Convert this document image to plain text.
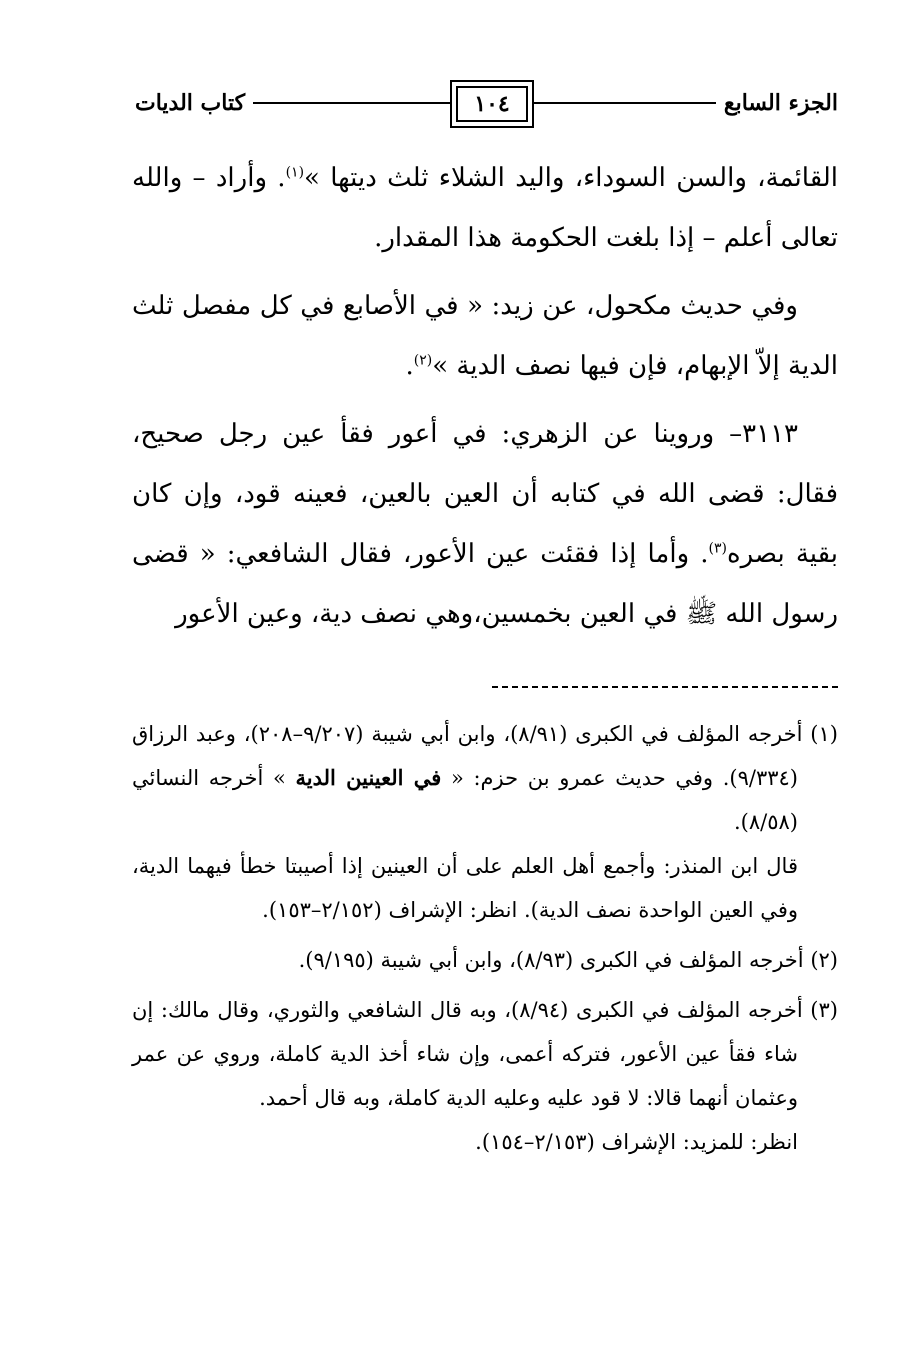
الجزء السابع
١٠٤
كتاب الديات

القائمة، والسن السوداء، واليد الشلاء ثلث ديتها »$^{(١)}$. وأراد – والله تعالى أعلم – إذا بلغت الحكومة هذا المقدار.

وفي حديث مكحول، عن زيد: « في الأصابع في كل مفصل ثلث الدية إلاّ الإبهام، فإن فيها نصف الدية »$^{(٢)}$.

٣١١٣– وروينا عن الزهري: في أعور فقأ عين رجل صحيح، فقال: قضى الله في كتابه أن العين بالعين، فعينه قود، وإن كان بقية بصره$^{(٣)}$. وأما إذا فقئت عين الأعور، فقال الشافعي: « قضى رسول الله ﷺ في العين بخمسين،وهي نصف دية، وعين الأعور

(١) أخرجه المؤلف في الكبرى (٨/٩١)، وابن أبي شيبة (٩/٢٠٧–٢٠٨)، وعبد الرزاق (٩/٣٣٤). وفي حديث عمرو بن حزم: « في العينين الدية » أخرجه النسائي (٨/٥٨).

قال ابن المنذر: وأجمع أهل العلم على أن العينين إذا أصيبتا خطأ فيهما الدية، وفي العين الواحدة نصف الدية). انظر: الإشراف (٢/١٥٢–١٥٣).

(٢) أخرجه المؤلف في الكبرى (٨/٩٣)، وابن أبي شيبة (٩/١٩٥).

(٣) أخرجه المؤلف في الكبرى (٨/٩٤)، وبه قال الشافعي والثوري، وقال مالك: إن شاء فقأ عين الأعور، فتركه أعمى، وإن شاء أخذ الدية كاملة، وروي عن عمر وعثمان أنهما قالا: لا قود عليه وعليه الدية كاملة، وبه قال أحمد.

انظر: للمزيد: الإشراف (٢/١٥٣–١٥٤).
